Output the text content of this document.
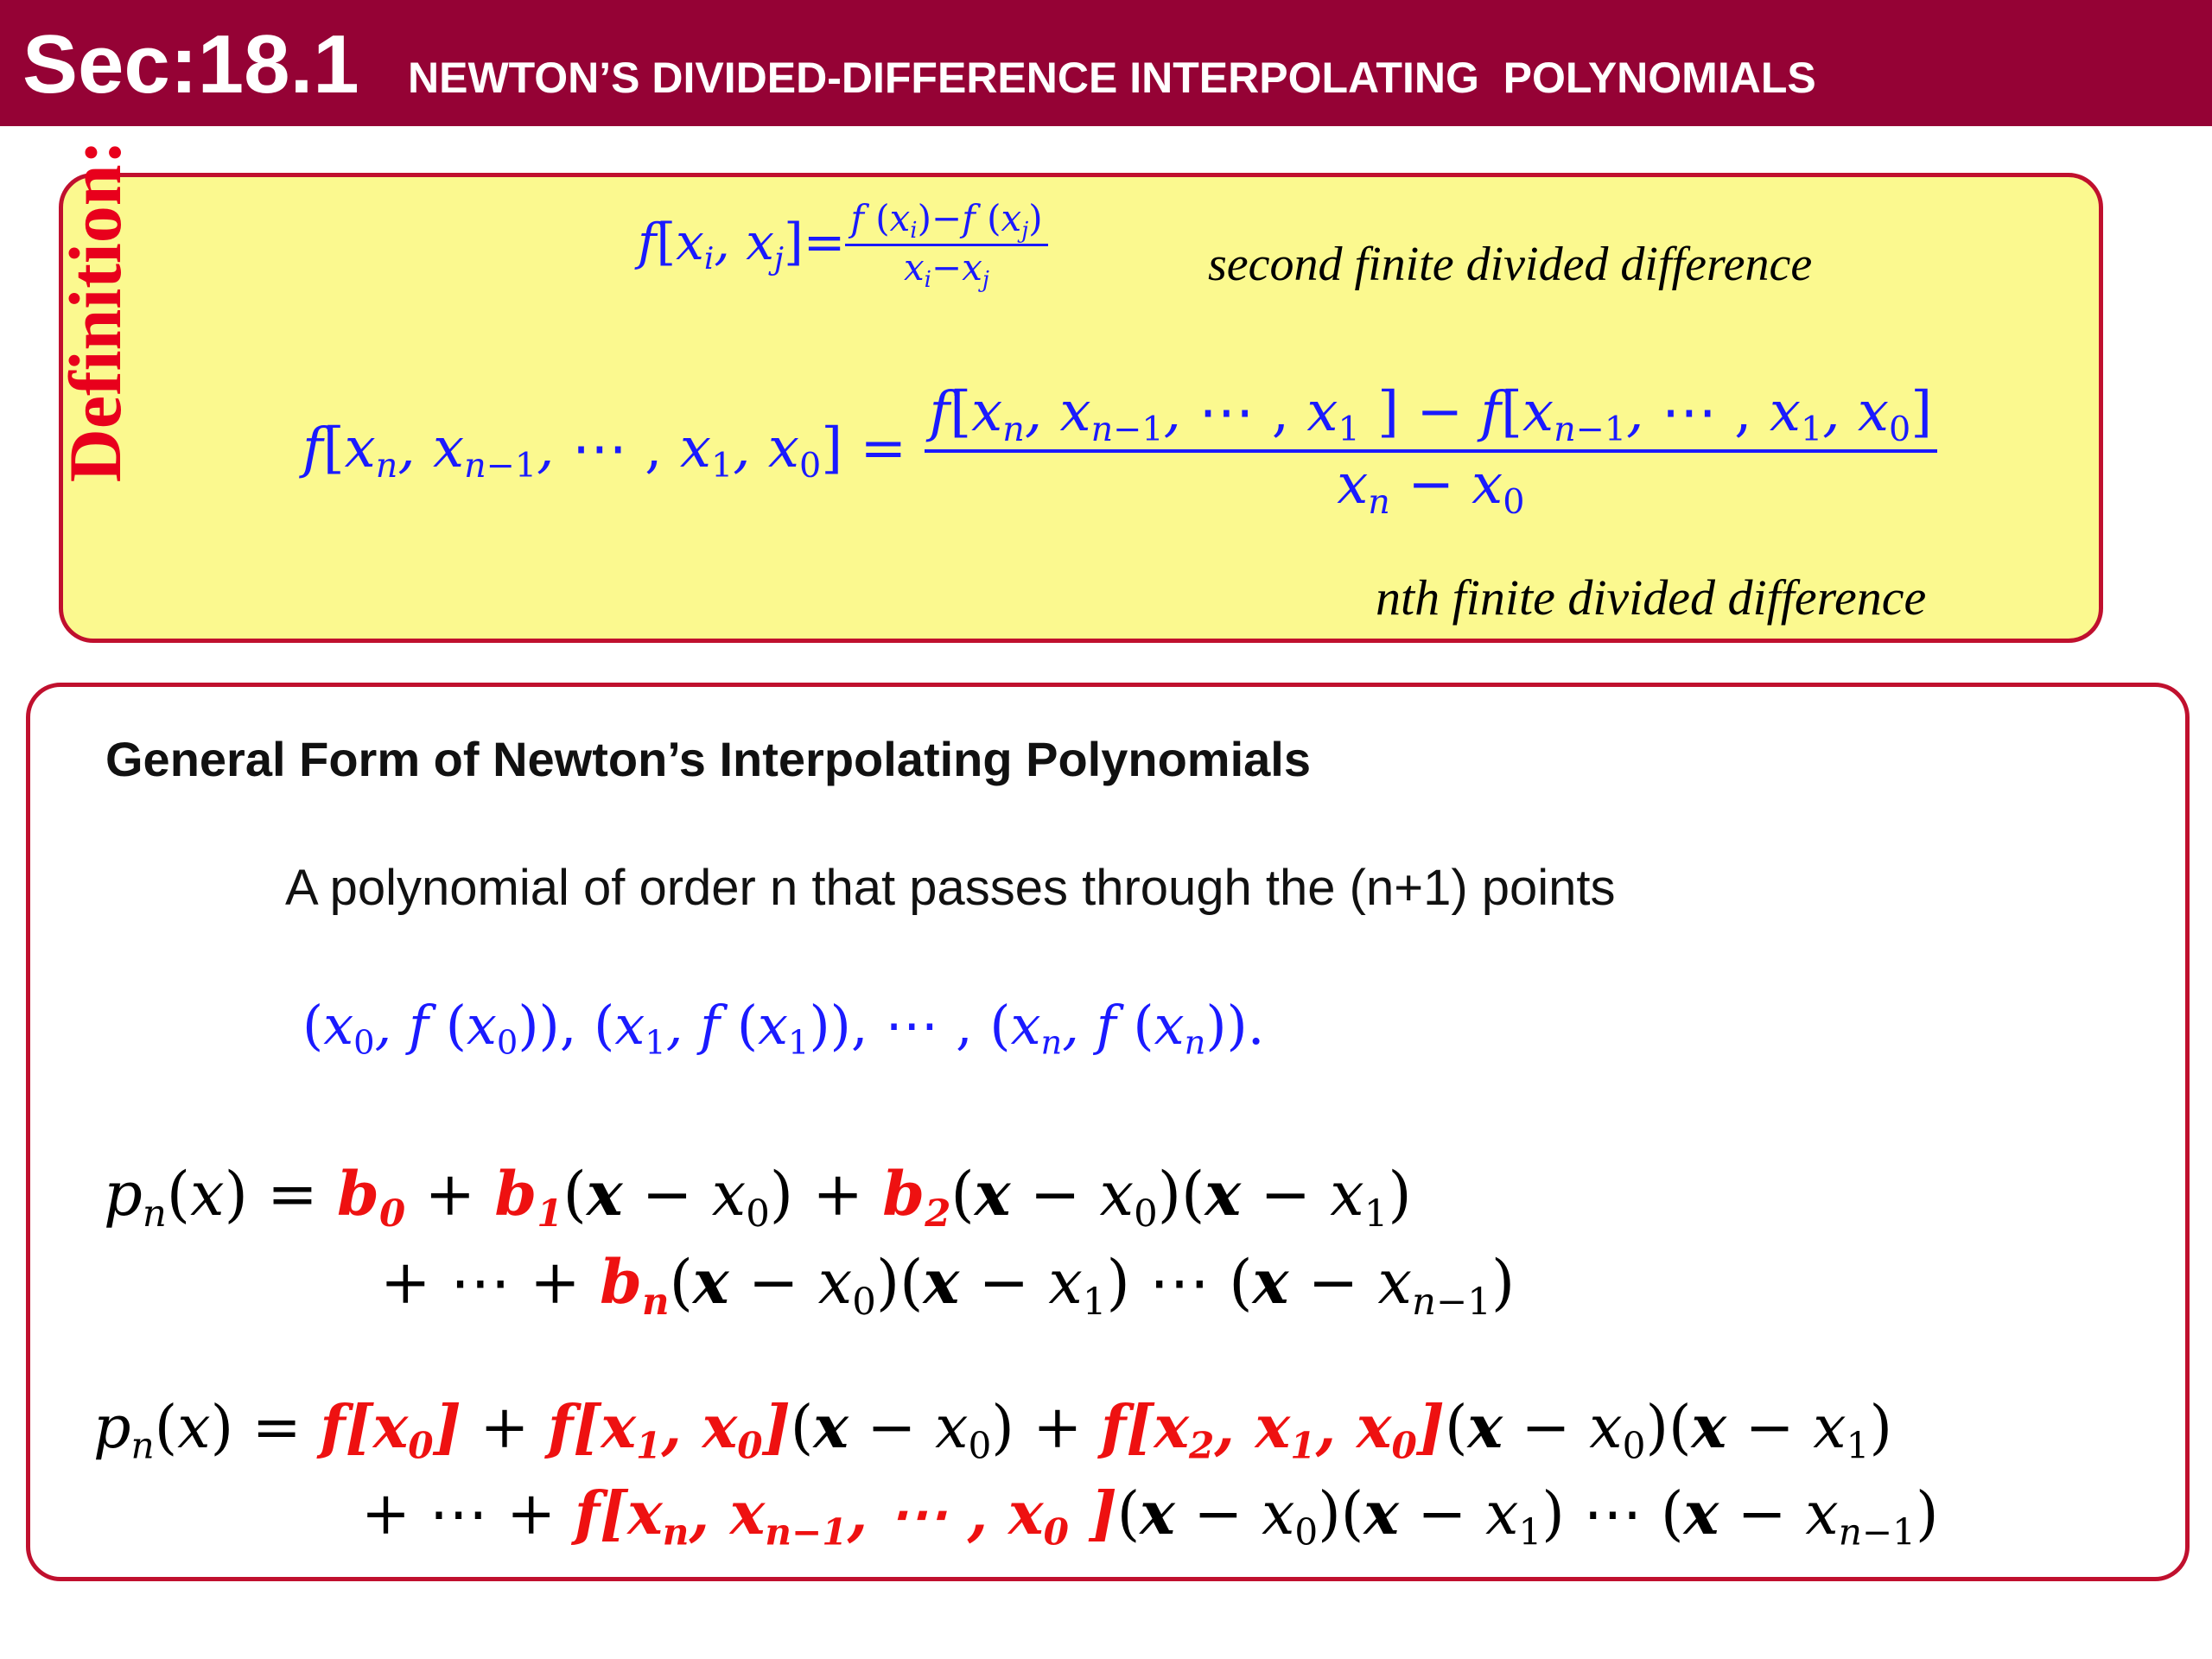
Sec:18.1 NEWTON’S DIVIDED-DIFFERENCE INTERPOLATING  POLYNOMIALS
Definition:	$f[x_i$, $x_j]= \frac{f (x_i)-f (x_j)}{x_i-x_j}$	second finite divided difference
$f[x_n$, $x_{n-1}$, ⋯ , $x_1$, $x_0] = \frac{f[x_n, x_{n-1}, \cdots , x_1 ] - f[x_{n-1}, \cdots , x_1, x_0]}{x_n - x_0}$
nth finite divided difference
General Form of Newton’s Interpolating Polynomials
A polynomial of order n that passes through the (n+1) points
($x_0$, f $(x_0)$), ($x_1$, f $(x_1)$), ⋯ , ($x_n$, f $(x_n)$).
$p_n(x) = b_0 + b_1(x - x_0) + b_2(x - x_0)(x - x_1)$
+ ⋯ + $b_n(x - x_0)(x - x_1)$ ⋯ $(x - x_{n-1})$
$p_n(x) = f[x_0] + f[x_1$, $x_0](x - x_0) + f[x_2$, $x_1$, $x_0](x - x_0)(x - x_1)$
+ ⋯ + $f[x_n$, $x_{n-1}$, ⋯ , $x_0$ ]$(x - x_0)(x - x_1)$ ⋯ $(x - x_{n-1})$
